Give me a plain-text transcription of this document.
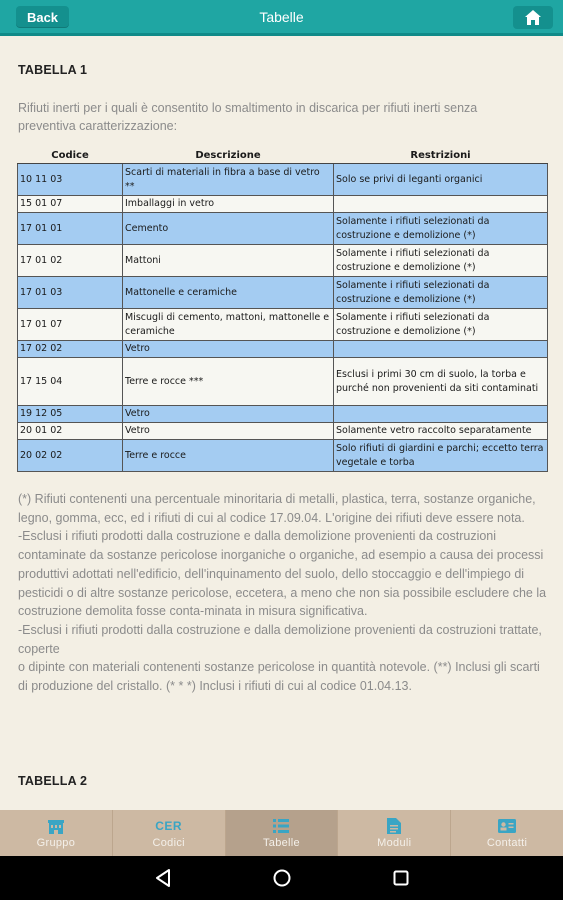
Back	Tabelle
TABELLA 1
Rifiuti inerti per i quali è consentito lo smaltimento in discarica per rifiuti inerti senza preventiva caratterizzazione:
Codice	Descrizione	Restrizioni
10 11 03	Scarti di materiali in fibra a base di vetro **	Solo se privi di leganti organici
15 01 07	Imballaggi in vetro	
17 01 01	Cemento	Solamente i rifiuti selezionati da costruzione e demolizione (*)
17 01 02	Mattoni	Solamente i rifiuti selezionati da costruzione e demolizione (*)
17 01 03	Mattonelle e ceramiche	Solamente i rifiuti selezionati da costruzione e demolizione (*)
17 01 07	Miscugli di cemento, mattoni, mattonelle e ceramiche	Solamente i rifiuti selezionati da costruzione e demolizione (*)
17 02 02	Vetro	
17 15 04	Terre e rocce ***	Esclusi i primi 30 cm di suolo, la torba e purché non provenienti da siti contaminati
19 12 05	Vetro	
20 01 02	Vetro	Solamente vetro raccolto separatamente
20 02 02	Terre e rocce	Solo rifiuti di giardini e parchi; eccetto terra vegetale e torba

(*) Rifiuti contenenti una percentuale minoritaria di metalli, plastica, terra, sostanze organiche, legno, gomma, ecc, ed i rifiuti di cui al codice 17.09.04. L'origine dei rifiuti deve essere nota.

-Esclusi i rifiuti prodotti dalla costruzione e dalla demolizione provenienti da costruzioni contaminate da sostanze pericolose inorganiche o organiche, ad esempio a causa dei processi produttivi adottati nell'edificio, dell'inquinamento del suolo, dello stoccaggio e dell'impiego di pesticidi o di altre sostanze pericolose, eccetera, a meno che non sia possibile escludere che la costruzione demolita fosse conta-minata in misura significativa.

-Esclusi i rifiuti prodotti dalla costruzione e dalla demolizione provenienti da costruzioni trattate, coperte

o dipinte con materiali contenenti sostanze pericolose in quantità notevole. (**) Inclusi gli scarti di produzione del cristallo. (* * *) Inclusi i rifiuti di cui al codice 01.04.13.

TABELLA 2
Gruppo
CER
Codici	Tabelle	Moduli	Contatti
